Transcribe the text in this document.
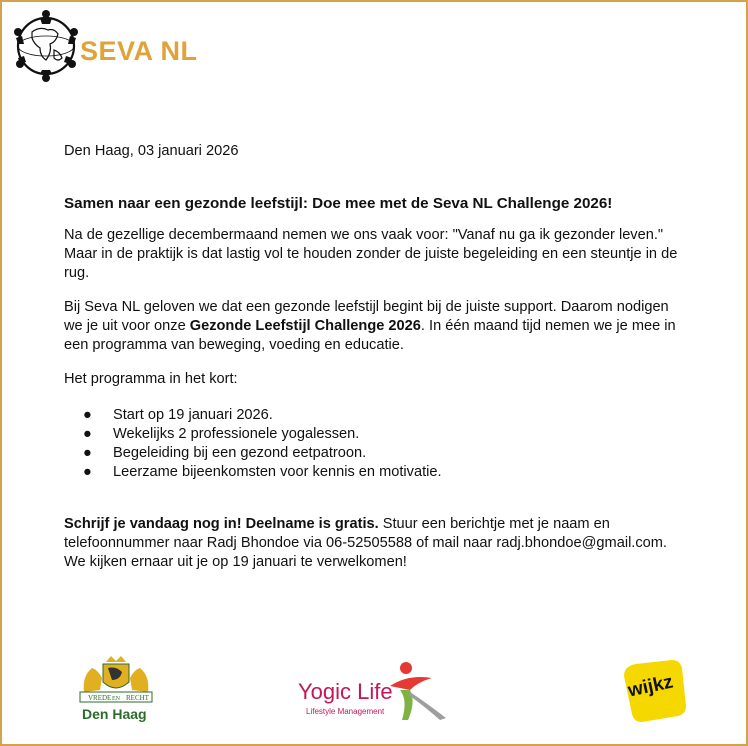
SEVA NL

Den Haag, 03 januari 2026

Samen naar een gezonde leefstijl: Doe mee met de Seva NL Challenge 2026!

Na de gezellige decembermaand nemen we ons vaak voor: "Vanaf nu ga ik gezonder leven." Maar in de praktijk is dat lastig vol te houden zonder de juiste begeleiding en een steuntje in de rug.

Bij Seva NL geloven we dat een gezonde leefstijl begint bij de juiste support. Daarom nodigen we je uit voor onze Gezonde Leefstijl Challenge 2026. In één maand tijd nemen we je mee in een programma van beweging, voeding en educatie.

Het programma in het kort:

● Start op 19 januari 2026.
● Wekelijks 2 professionele yogalessen.
● Begeleiding bij een gezond eetpatroon.
● Leerzame bijeenkomsten voor kennis en motivatie.

Schrijf je vandaag nog in! Deelname is gratis. Stuur een berichtje met je naam en telefoonnummer naar Radj Bhondoe via 06-52505588 of mail naar radj.bhondoe@gmail.com. We kijken ernaar uit je op 19 januari te verwelkomen!

VREDE EN RECHT
Den Haag
Yogic Life
Lifestyle Management
wijkz
